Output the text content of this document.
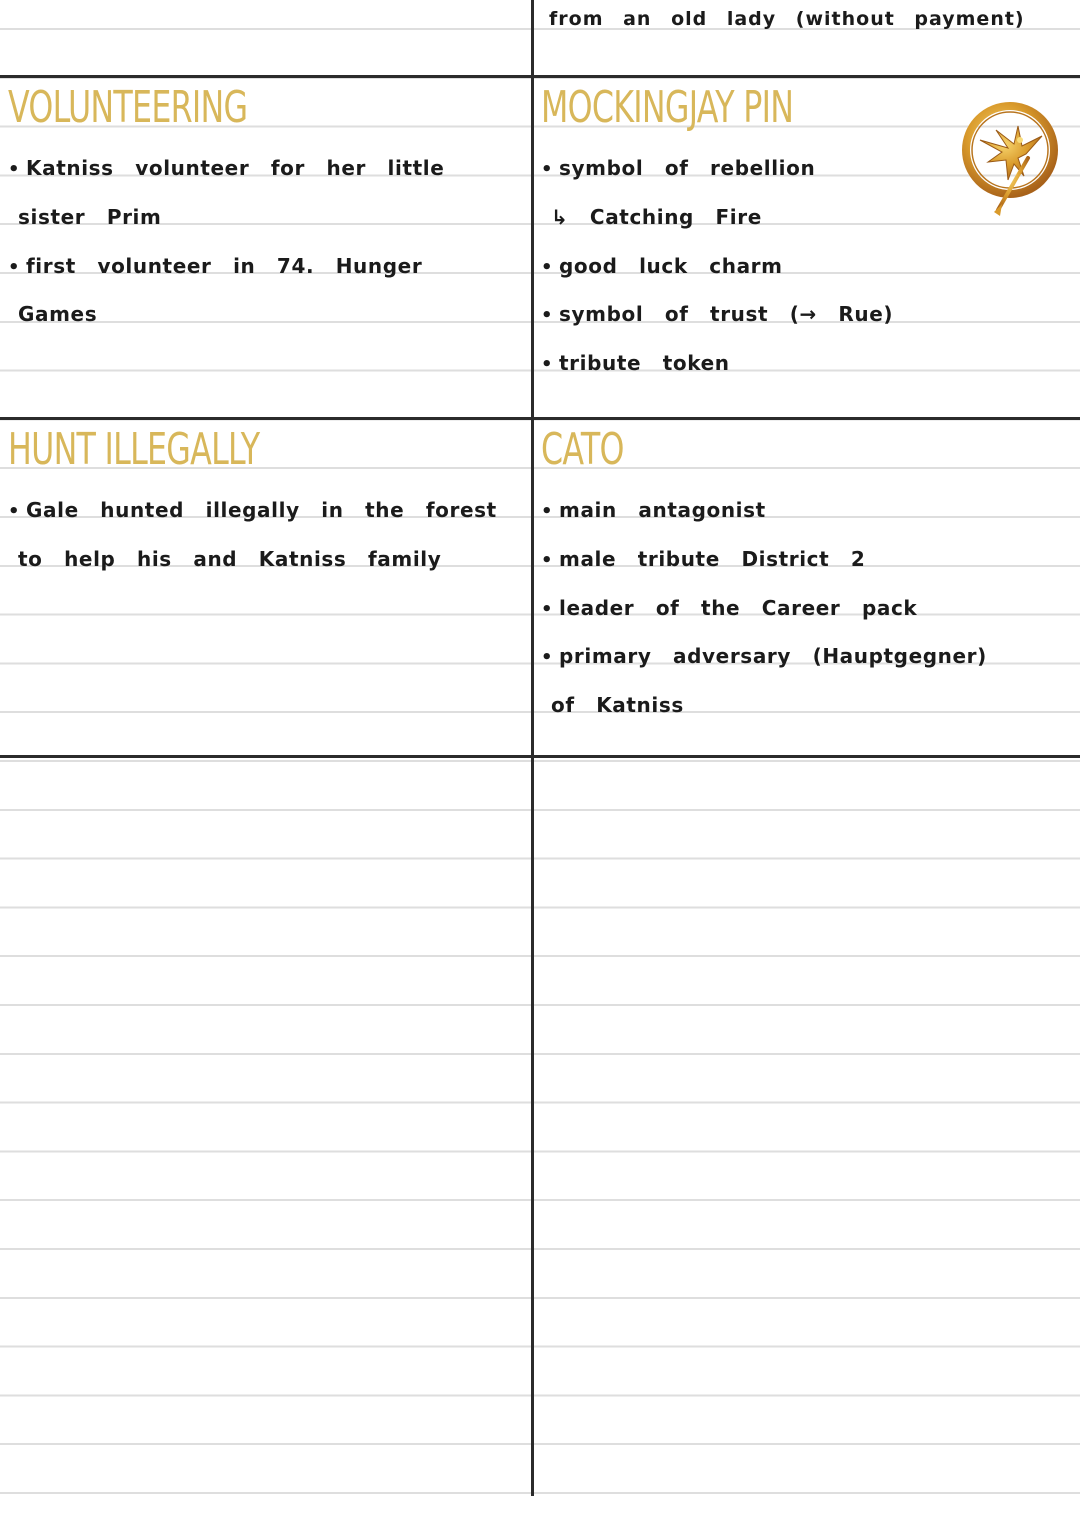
from an old lady (without payment)
VOLUNTEERING
• Katniss volunteer for her little
sister Prim
• first volunteer in 74. Hunger
Games
MOCKINGJAY PIN
• symbol of rebellion
↳ Catching Fire
• good luck charm
• symbol of trust (→ Rue)
• tribute token
HUNT ILLEGALLY
• Gale hunted illegally in the forest
to help his and Katniss family
CATO
• main antagonist
• male tribute District 2
• leader of the Career pack
• primary adversary (Hauptgegner)
of Katniss
